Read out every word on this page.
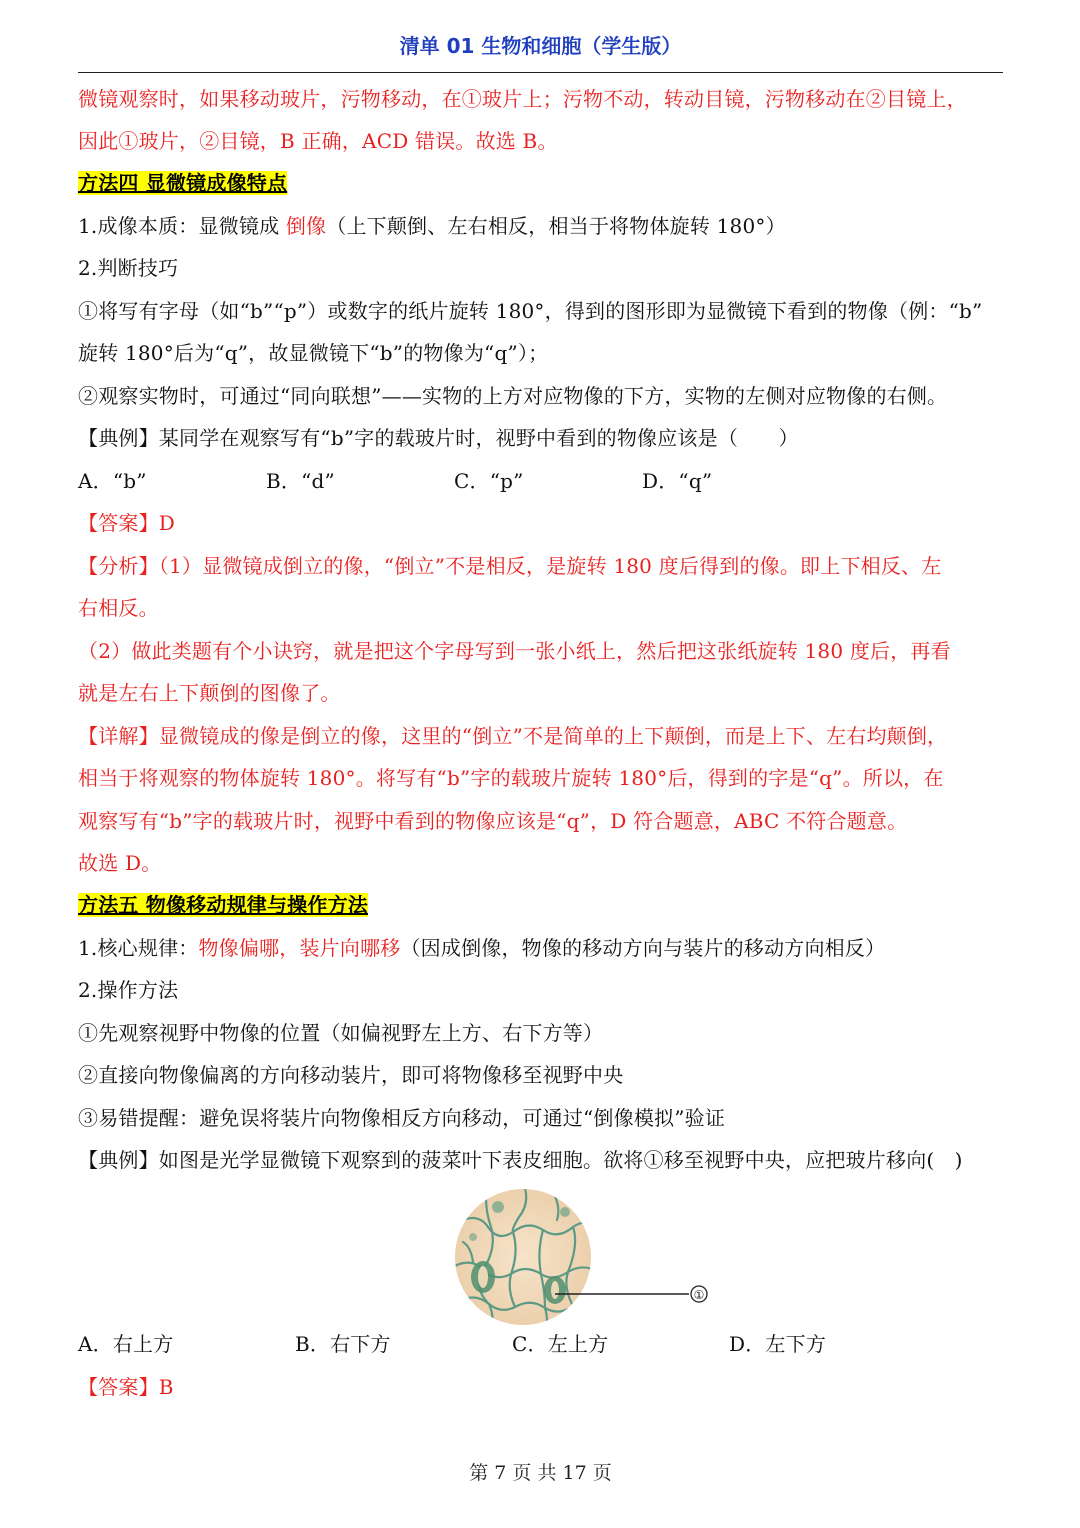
清单 01 生物和细胞（学生版）
微镜观察时，如果移动玻片，污物移动，在①玻片上；污物不动，转动目镜，污物移动在②目镜上，
因此①玻片，②目镜，B 正确，ACD 错误。故选 B。
方法四 显微镜成像特点
1.成像本质：显微镜成 倒像（上下颠倒、左右相反，相当于将物体旋转 180°）
2.判断技巧
①将写有字母（如“b”“p”）或数字的纸片旋转 180°，得到的图形即为显微镜下看到的物像（例：“b”
旋转 180°后为“q”，故显微镜下“b”的物像为“q”）；
②观察实物时，可通过“同向联想”——实物的上方对应物像的下方，实物的左侧对应物像的右侧。
【典例】某同学在观察写有“b”字的载玻片时，视野中看到的物像应该是（　　）
A．“b”	B．“d”	C．“p”	D．“q”
【答案】D
【分析】（1）显微镜成倒立的像，“倒立”不是相反，是旋转 180 度后得到的像。即上下相反、左
右相反。
（2）做此类题有个小诀窍，就是把这个字母写到一张小纸上，然后把这张纸旋转 180 度后，再看
就是左右上下颠倒的图像了。
【详解】显微镜成的像是倒立的像，这里的“倒立”不是简单的上下颠倒，而是上下、左右均颠倒，
相当于将观察的物体旋转 180°。将写有“b”字的载玻片旋转 180°后，得到的字是“q”。所以，在
观察写有“b”字的载玻片时，视野中看到的物像应该是“q”，D 符合题意，ABC 不符合题意。
故选 D。
方法五 物像移动规律与操作方法
1.核心规律：物像偏哪，装片向哪移（因成倒像，物像的移动方向与装片的移动方向相反）
2.操作方法
①先观察视野中物像的位置（如偏视野左上方、右下方等）
②直接向物像偏离的方向移动装片，即可将物像移至视野中央
③易错提醒：避免误将装片向物像相反方向移动，可通过“倒像模拟”验证
【典例】如图是光学显微镜下观察到的菠菜叶下表皮细胞。欲将①移至视野中央，应把玻片移向(　)
①
A．右上方	B．右下方	C．左上方	D．左下方
【答案】B
第 7 页 共 17 页
